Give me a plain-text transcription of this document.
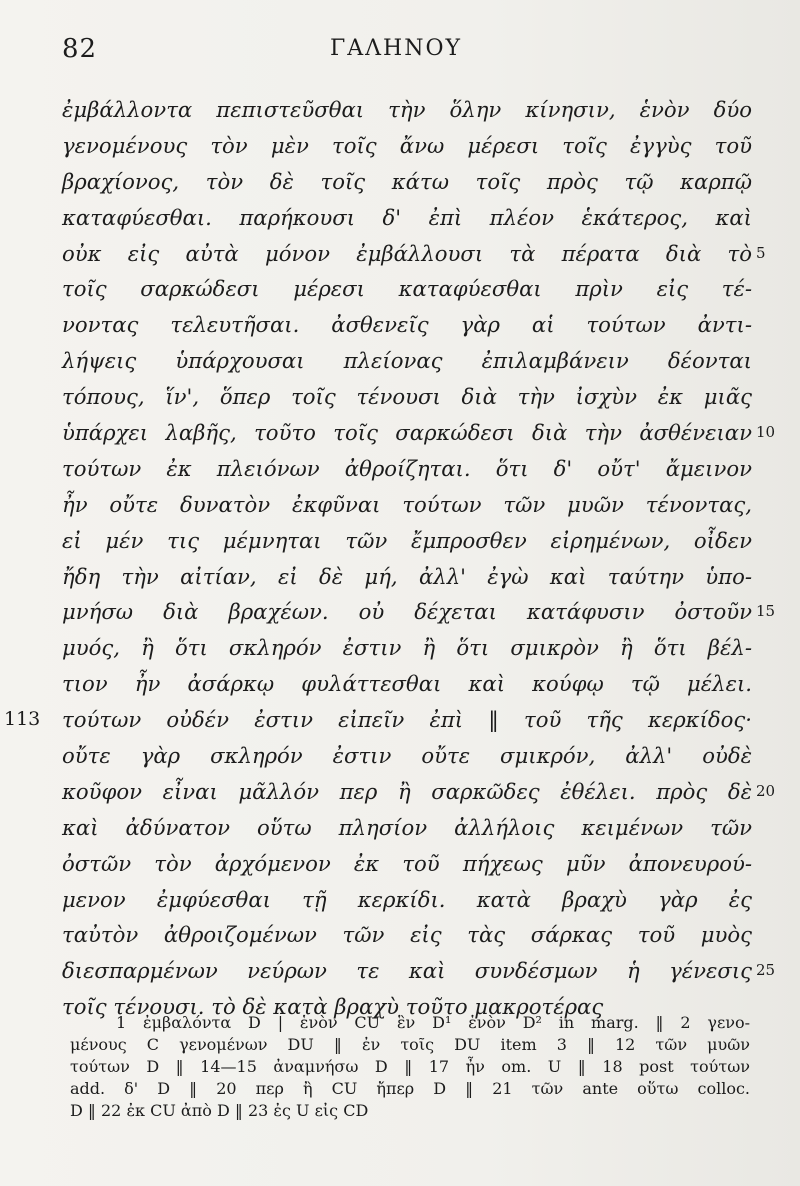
82	ΓΑΛΗΝΟΥ
ἐμβάλλοντα πεπιστεῦσθαι τὴν ὅλην κίνησιν, ἑνὸν δύο
γενομένους τὸν μὲν τοῖς ἄνω μέρεσι τοῖς ἐγγὺς τοῦ
βραχίονος, τὸν δὲ τοῖς κάτω τοῖς πρὸς τῷ καρπῷ
καταφύεσθαι. παρήκουσι δ' ἐπὶ πλέον ἑκάτερος, καὶ
οὐκ εἰς αὐτὰ μόνον ἐμβάλλουσι τὰ πέρατα διὰ τὸ 5
τοῖς σαρκώδεσι μέρεσι καταφύεσθαι πρὶν εἰς τέ-
νοντας τελευτῆσαι. ἀσθενεῖς γὰρ αἱ τούτων ἀντι-
λήψεις ὑπάρχουσαι πλείονας ἐπιλαμβάνειν δέονται
τόπους, ἵν', ὅπερ τοῖς τένουσι διὰ τὴν ἰσχὺν ἐκ μιᾶς
ὑπάρχει λαβῆς, τοῦτο τοῖς σαρκώδεσι διὰ τὴν ἀσθένειαν 10
τούτων ἐκ πλειόνων ἀθροίζηται. ὅτι δ' οὔτ' ἄμεινον
ἦν οὔτε δυνατὸν ἐκφῦναι τούτων τῶν μυῶν τένοντας,
εἰ μέν τις μέμνηται τῶν ἔμπροσθεν εἰρημένων, οἶδεν
ἤδη τὴν αἰτίαν, εἰ δὲ μή, ἀλλ' ἐγὼ καὶ ταύτην ὑπο-
μνήσω διὰ βραχέων. οὐ δέχεται κατάφυσιν ὀστοῦν 15
μυός, ἢ ὅτι σκληρόν ἐστιν ἢ ὅτι σμικρὸν ἢ ὅτι βέλ-
τιον ἦν ἀσάρκῳ φυλάττεσθαι καὶ κούφῳ τῷ μέλει.
τούτων οὐδέν ἐστιν εἰπεῖν ἐπὶ ‖ τοῦ τῆς κερκίδος·
113
οὔτε γὰρ σκληρόν ἐστιν οὔτε σμικρόν, ἀλλ' οὐδὲ
κοῦφον εἶναι μᾶλλόν περ ἢ σαρκῶδες ἐθέλει. πρὸς δὲ 20
καὶ ἀδύνατον οὕτω πλησίον ἀλλήλοις κειμένων τῶν
ὀστῶν τὸν ἀρχόμενον ἐκ τοῦ πήχεως μῦν ἀπονευρού-
μενον ἐμφύεσθαι τῇ κερκίδι. κατὰ βραχὺ γὰρ ἐς
ταὐτὸν ἀθροιζομένων τῶν εἰς τὰς σάρκας τοῦ μυὸς
διεσπαρμένων νεύρων τε καὶ συνδέσμων ἡ γένεσις 25
τοῖς τένουσι. τὸ δὲ κατὰ βραχὺ τοῦτο μακροτέρας
1 ἐμβαλόντα D | ἑνὸν CU ἓν D¹ ἑνὸν D² in marg. ‖ 2 γενο-
μένους C γενομένων DU ‖ ἐν τοῖς DU item 3 ‖ 12 τῶν μυῶν
τούτων D ‖ 14—15 ἀναμνήσω D ‖ 17 ἦν om. U ‖ 18 post τούτων
add. δ' D ‖ 20 περ ἢ CU ἤπερ D ‖ 21 τῶν ante οὕτω colloc.
D ‖ 22 ἐκ CU ἀπὸ D ‖ 23 ἐς U εἰς CD
